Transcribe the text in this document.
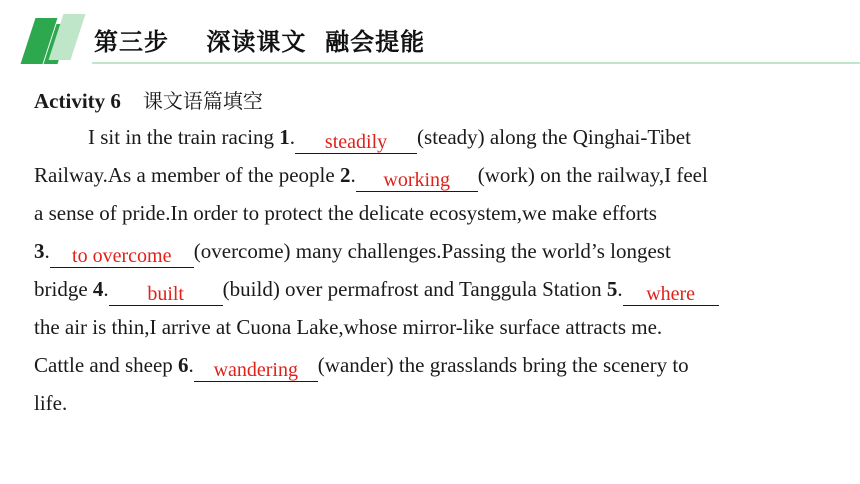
第三步    深读课文  融会提能
Activity 6 课文语篇填空
I sit in the train racing 1. steadily (steady) along the Qinghai-Tibet
Railway.As a member of the people 2. working (work) on the railway,I feel
a sense of pride.In order to protect the delicate ecosystem,we make efforts
3. to overcome (overcome) many challenges.Passing the world’s longest
bridge 4. built (build) over permafrost and Tanggula Station 5. where
the air is thin,I arrive at Cuona Lake,whose mirror-like surface attracts me.
Cattle and sheep 6. wandering (wander) the grasslands bring the scenery to
life.
